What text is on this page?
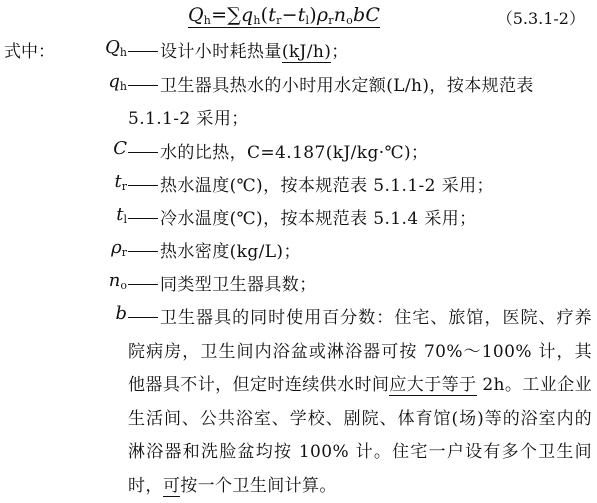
$Q_h=\sum q_h(t_r-t_l)\rho_rn_obC$	（5.3.1-2）
式中：	$Q_h$ 设计小时耗热量(kJ/h)；
$q_h$ 卫生器具热水的小时用水定额(L/h)，按本规范表
5.1.1-2 采用；
C 水的比热，C=4.187(kJ/kg·℃)；
$t_r$ 热水温度(℃)，按本规范表 5.1.1-2 采用；
$t_l$ 冷水温度(℃)，按本规范表 5.1.4 采用；
$\rho_r$ 热水密度(kg/L)；
$n_o$ 同类型卫生器具数；
b	卫生器具的同时使用百分数：住宅、旅馆，医院、疗养院病房，卫生间内浴盆或淋浴器可按 70%～100% 计，其他器具不计，但定时连续供水时间应大于等于 2h。工业企业生活间、公共浴室、学校、剧院、体育馆(场)等的浴室内的淋浴器和洗脸盆均按 100% 计。住宅一户设有多个卫生间时，可按一个卫生间计算。
